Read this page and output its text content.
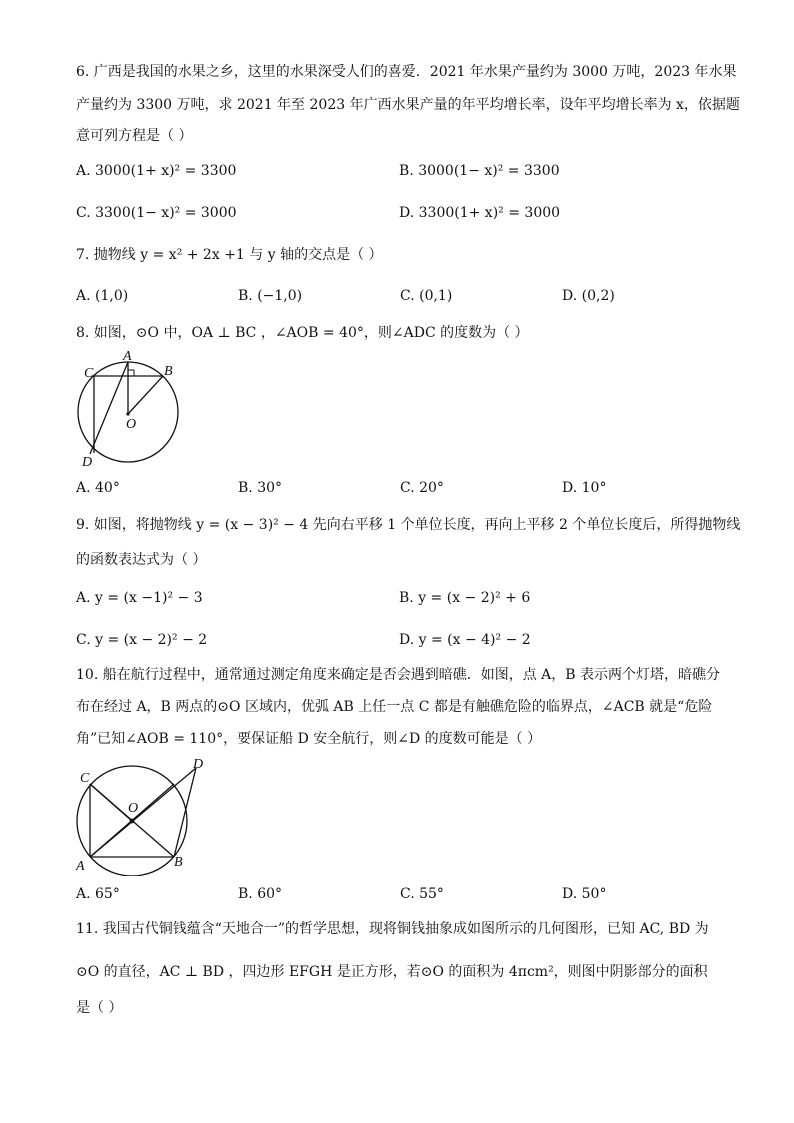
6. 广西是我国的水果之乡，这里的水果深受人们的喜爱．2021 年水果产量约为 3000 万吨，2023 年水果
产量约为 3300 万吨，求 2021 年至 2023 年广西水果产量的年平均增长率，设年平均增长率为 x，依据题
意可列方程是（ ）
A. 3000(1+ x)² = 3300	B. 3000(1− x)² = 3300
C. 3300(1− x)² = 3000	D. 3300(1+ x)² = 3000
7. 抛物线 y = x² + 2x +1 与 y 轴的交点是（ ）
A. (1,0)	B. (−1,0)	C. (0,1)	D. (0,2)
8. 如图，⊙O 中，OA ⊥ BC ，∠AOB = 40°，则∠ADC 的度数为（ ）
A
B
C
O
D
A. 40°	B. 30°	C. 20°	D. 10°
9. 如图，将抛物线 y = (x − 3)² − 4 先向右平移 1 个单位长度，再向上平移 2 个单位长度后，所得抛物线
的函数表达式为（ ）
A. y = (x −1)² − 3	B. y = (x − 2)² + 6
C. y = (x − 2)² − 2	D. y = (x − 4)² − 2
10. 船在航行过程中，通常通过测定角度来确定是否会遇到暗礁．如图，点 A，B 表示两个灯塔，暗礁分
布在经过 A，B 两点的⊙O 区域内，优弧 AB 上任一点 C 都是有触礁危险的临界点，∠ACB 就是“危险
角”已知∠AOB = 110°，要保证船 D 安全航行，则∠D 的度数可能是（ ）
C
O
D
A	B
A. 65°	B. 60°	C. 55°	D. 50°
11. 我国古代铜钱蕴含“天地合一”的哲学思想，现将铜钱抽象成如图所示的几何图形，已知 AC, BD 为
⊙O 的直径，AC ⊥ BD ，四边形 EFGH 是正方形，若⊙O 的面积为 4πcm²，则图中阴影部分的面积
是（ ）
